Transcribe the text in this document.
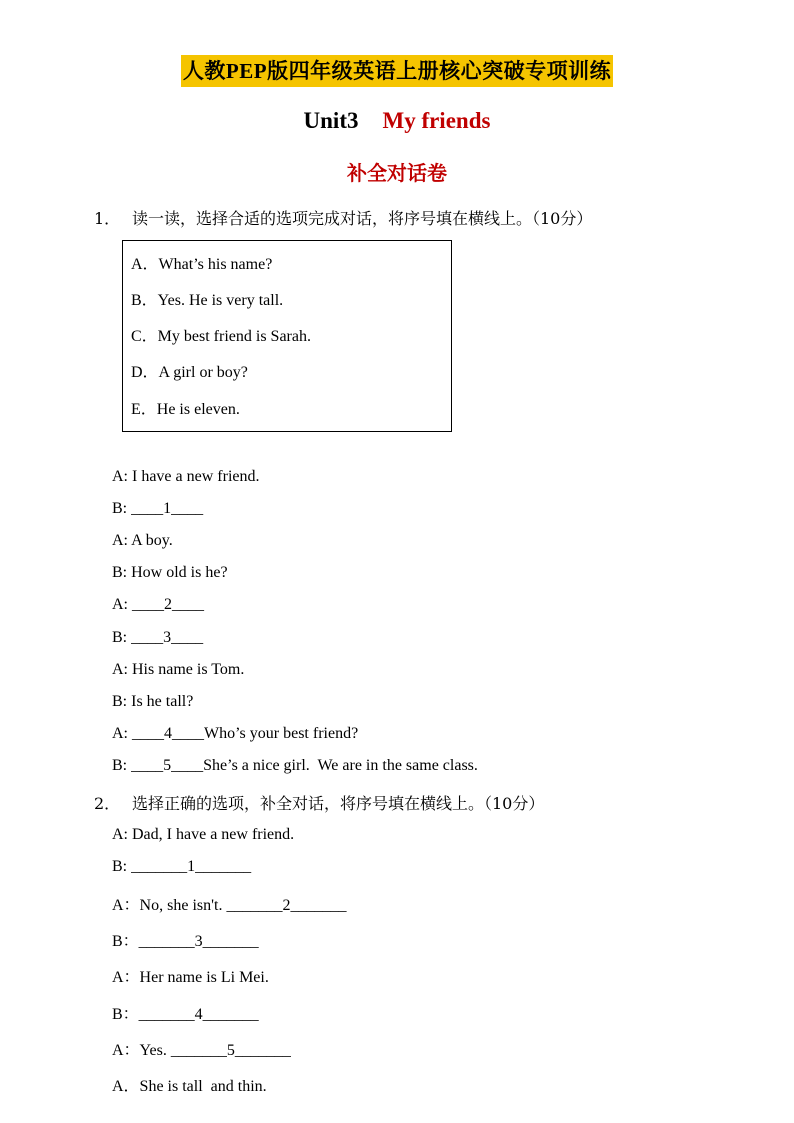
人教PEP版四年级英语上册核心突破专项训练
Unit3 My friends
补全对话卷
1． 读一读，选择合适的选项完成对话，将序号填在横线上。（10分）
A．What’s his name?
B．Yes. He is very tall.
C．My best friend is Sarah.
D．A girl or boy?
E．He is eleven.
A: I have a new friend.
B: ____1____
A: A boy.
B: How old is he?
A: ____2____
B: ____3____
A: His name is Tom.
B: Is he tall?
A: ____4____Who’s your best friend?
B: ____5____She’s a nice girl.  We are in the same class.
2． 选择正确的选项，补全对话，将序号填在横线上。（10分）
A: Dad, I have a new friend.
B: _______1_______
A：No, she isn't. _______2_______
B：_______3_______
A：Her name is Li Mei.
B：_______4_______
A：Yes. _______5_______
A．She is tall  and thin.
